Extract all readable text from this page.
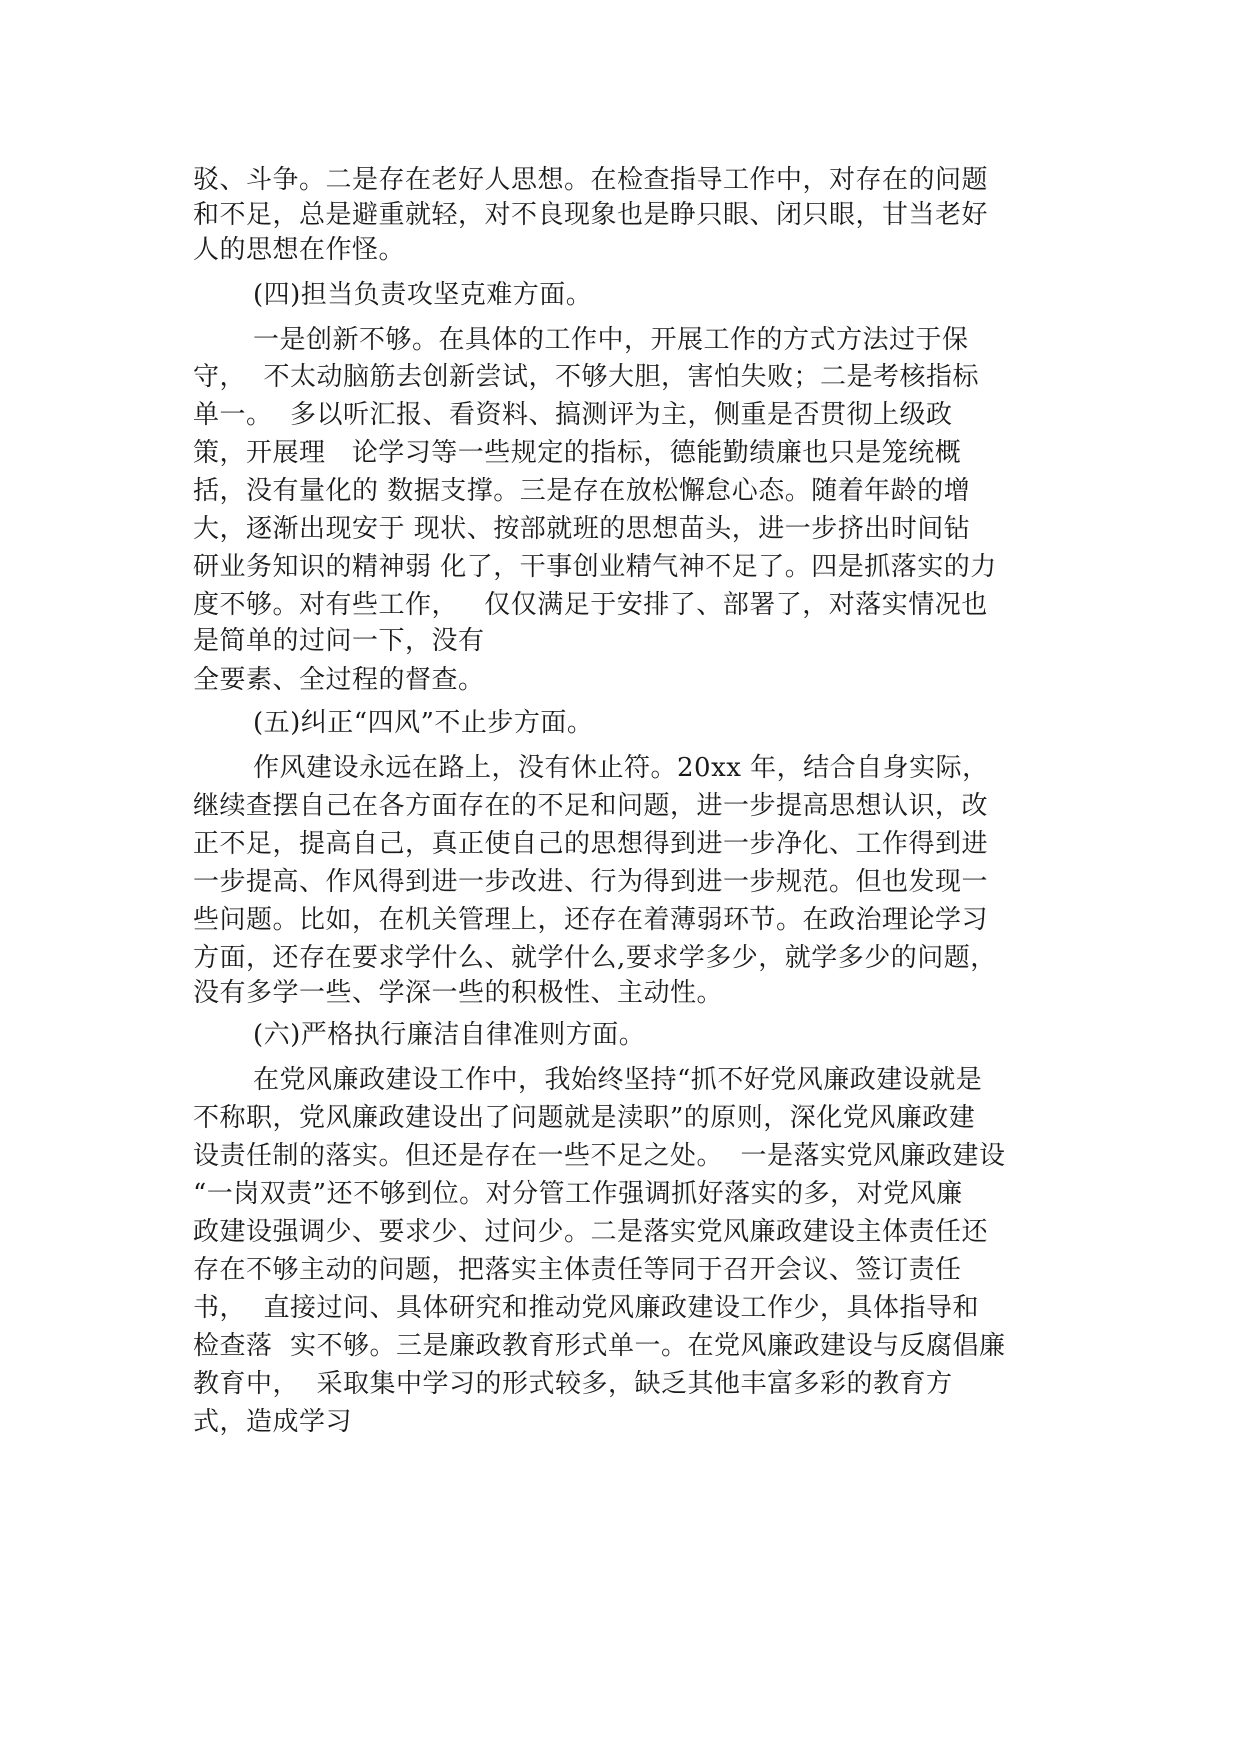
驳、斗争。二是存在老好人思想。在检查指导工作中，对存在的问题
和不足，总是避重就轻，对不良现象也是睁只眼、闭只眼，甘当老好
人的思想在作怪。
(四)担当负责攻坚克难方面。
一是创新不够。在具体的工作中，开展工作的方式方法过于保
守，  不太动脑筋去创新尝试，不够大胆，害怕失败；二是考核指标
单一。  多以听汇报、看资料、搞测评为主，侧重是否贯彻上级政
策，开展理   论学习等一些规定的指标，德能勤绩廉也只是笼统概
括，没有量化的 数据支撑。三是存在放松懈怠心态。随着年龄的增
大，逐渐出现安于 现状、按部就班的思想苗头，进一步挤出时间钻
研业务知识的精神弱 化了，干事创业精气神不足了。四是抓落实的力
度不够。对有些工作，   仅仅满足于安排了、部署了，对落实情况也
是简单的过问一下，没有
全要素、全过程的督查。
(五)纠正“四风”不止步方面。
作风建设永远在路上，没有休止符。20xx 年，结合自身实际，
继续查摆自己在各方面存在的不足和问题，进一步提高思想认识，改
正不足，提高自己，真正使自己的思想得到进一步净化、工作得到进
一步提高、作风得到进一步改进、行为得到进一步规范。但也发现一
些问题。比如，在机关管理上，还存在着薄弱环节。在政治理论学习
方面，还存在要求学什么、就学什么,要求学多少，就学多少的问题，
没有多学一些、学深一些的积极性、主动性。
(六)严格执行廉洁自律准则方面。
在党风廉政建设工作中，我始终坚持“抓不好党风廉政建设就是
不称职，党风廉政建设出了问题就是渎职”的原则，深化党风廉政建
设责任制的落实。但还是存在一些不足之处。  一是落实党风廉政建设
“一岗双责”还不够到位。对分管工作强调抓好落实的多，对党风廉
政建设强调少、要求少、过问少。二是落实党风廉政建设主体责任还
存在不够主动的问题，把落实主体责任等同于召开会议、签订责任
书，  直接过问、具体研究和推动党风廉政建设工作少，具体指导和
检查落  实不够。三是廉政教育形式单一。在党风廉政建设与反腐倡廉
教育中，  采取集中学习的形式较多，缺乏其他丰富多彩的教育方
式，造成学习
